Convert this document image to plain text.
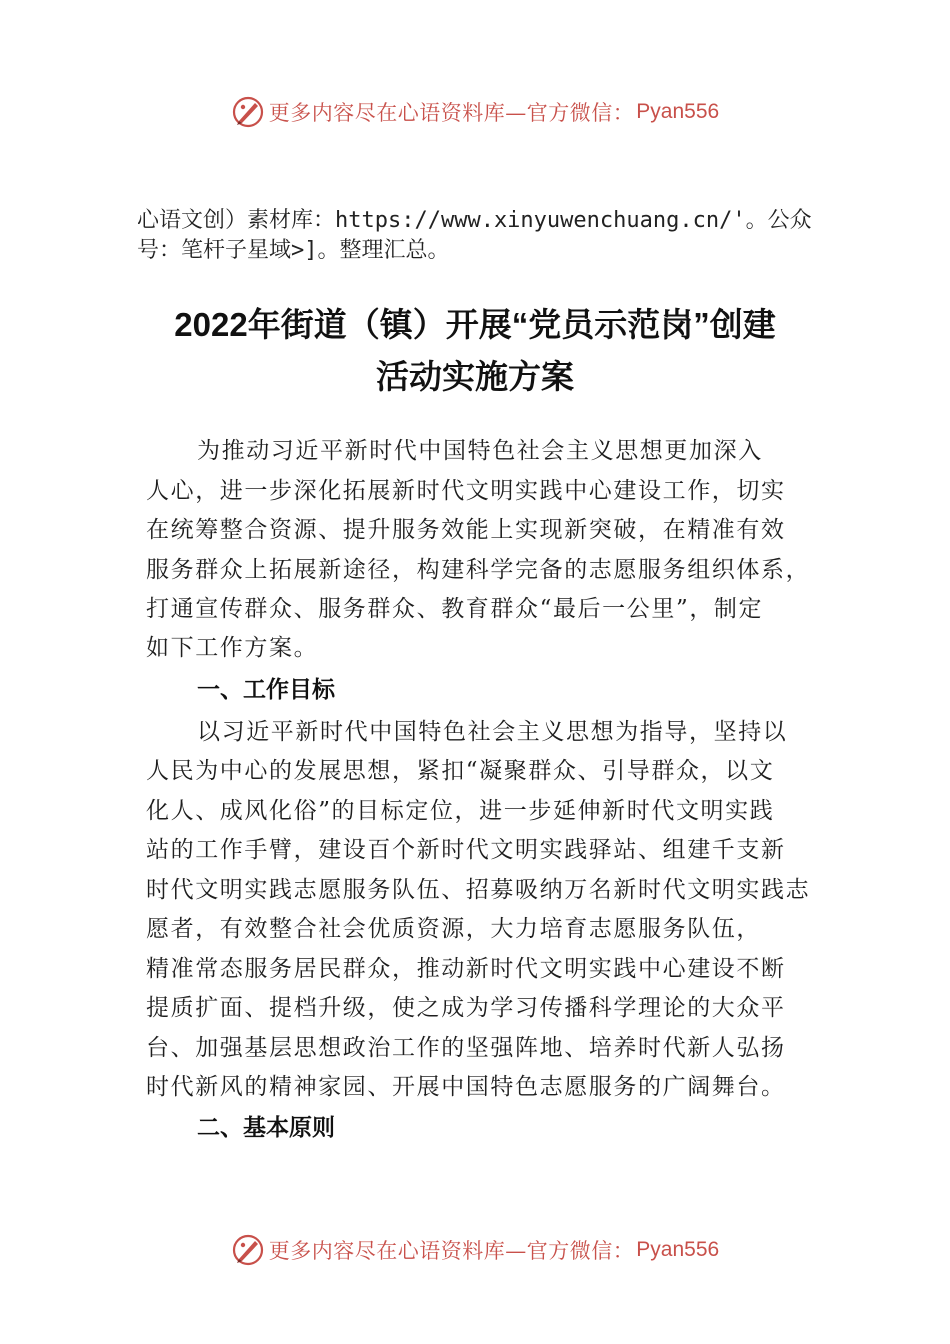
更多内容尽在心语资料库—官方微信： Pyan556
心语文创）素材库：https://www.xinyuwenchuang.cn/'。公众
号：笔杆子星域>]。整理汇总。
2022年街道（镇）开展“党员示范岗”创建
活动实施方案
为推动习近平新时代中国特色社会主义思想更加深入
人心，进一步深化拓展新时代文明实践中心建设工作，切实
在统筹整合资源、提升服务效能上实现新突破，在精准有效
服务群众上拓展新途径，构建科学完备的志愿服务组织体系，
打通宣传群众、服务群众、教育群众“最后一公里”，制定
如下工作方案。
一、工作目标
以习近平新时代中国特色社会主义思想为指导，坚持以
人民为中心的发展思想，紧扣“凝聚群众、引导群众，以文
化人、成风化俗”的目标定位，进一步延伸新时代文明实践
站的工作手臂，建设百个新时代文明实践驿站、组建千支新
时代文明实践志愿服务队伍、招募吸纳万名新时代文明实践志
愿者，有效整合社会优质资源，大力培育志愿服务队伍，
精准常态服务居民群众，推动新时代文明实践中心建设不断
提质扩面、提档升级，使之成为学习传播科学理论的大众平
台、加强基层思想政治工作的坚强阵地、培养时代新人弘扬
时代新风的精神家园、开展中国特色志愿服务的广阔舞台。
二、基本原则
更多内容尽在心语资料库—官方微信： Pyan556
